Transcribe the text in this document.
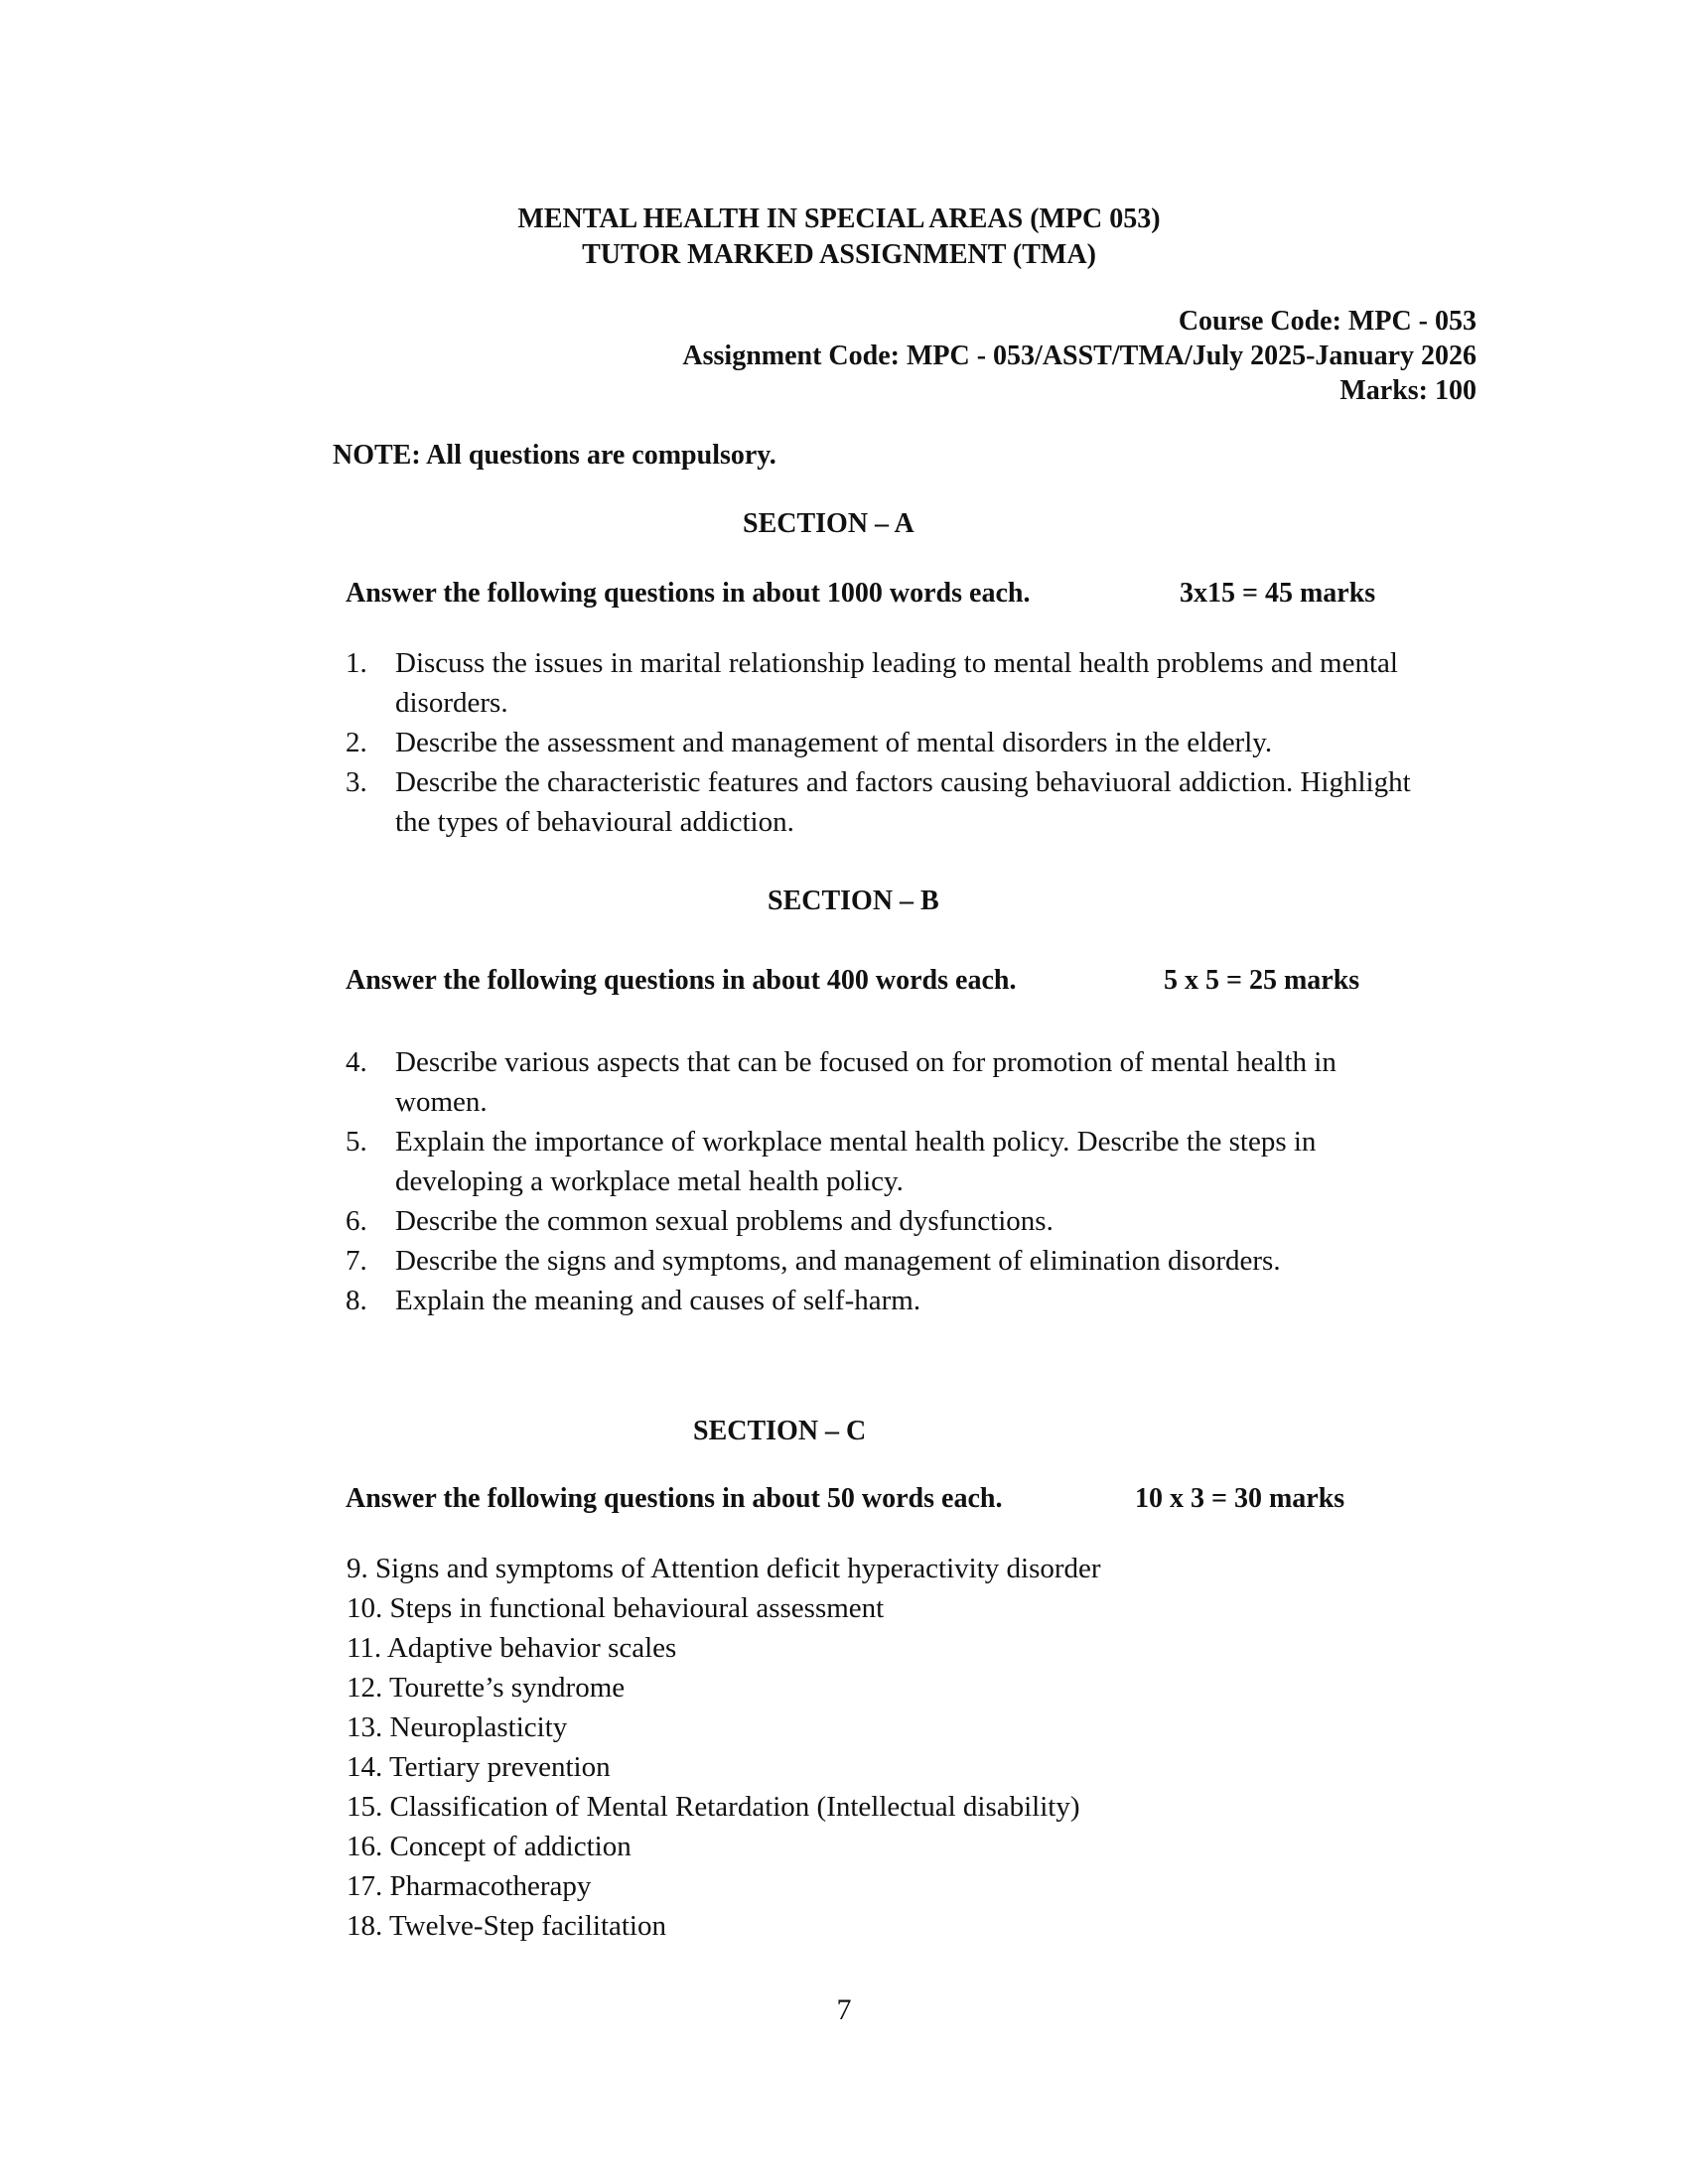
MENTAL HEALTH IN SPECIAL AREAS (MPC 053)
TUTOR MARKED ASSIGNMENT (TMA)
Course Code: MPC - 053
Assignment Code: MPC - 053/ASST/TMA/July 2025-January 2026
Marks: 100
NOTE: All questions are compulsory.
SECTION – A
Answer the following questions in about 1000 words each.	3x15 = 45 marks
1. Discuss the issues in marital relationship leading to mental health problems and mental disorders.
2. Describe the assessment and management of mental disorders in the elderly.
3. Describe the characteristic features and factors causing behaviuoral addiction. Highlight the types of behavioural addiction.
SECTION – B
Answer the following questions in about 400 words each.	5 x 5 = 25 marks
4. Describe various aspects that can be focused on for promotion of mental health in women.
5. Explain the importance of workplace mental health policy. Describe the steps in developing a workplace metal health policy.
6. Describe the common sexual problems and dysfunctions.
7. Describe the signs and symptoms, and management of elimination disorders.
8. Explain the meaning and causes of self-harm.
SECTION – C
Answer the following questions in about 50 words each.	10 x 3 = 30 marks
9. Signs and symptoms of Attention deficit hyperactivity disorder
10. Steps in functional behavioural assessment
11. Adaptive behavior scales
12. Tourette’s syndrome
13. Neuroplasticity
14. Tertiary prevention
15. Classification of Mental Retardation (Intellectual disability)
16. Concept of addiction
17. Pharmacotherapy
18. Twelve-Step facilitation
7
